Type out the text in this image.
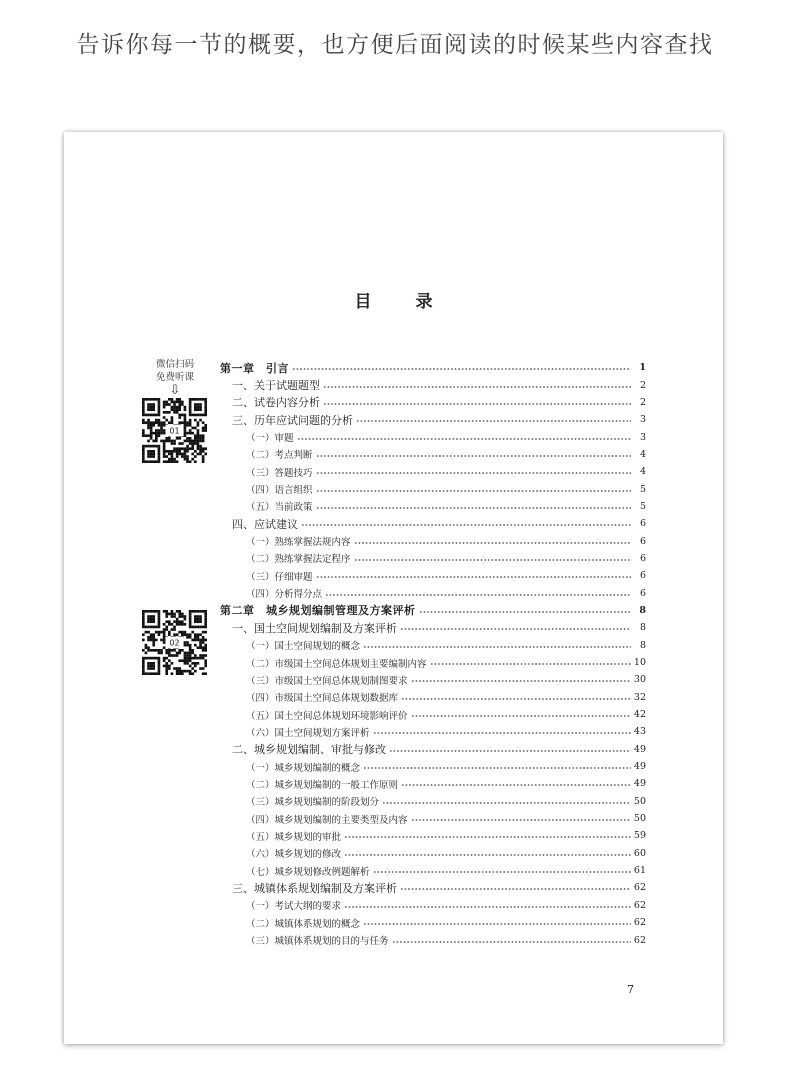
告诉你每一节的概要，也方便后面阅读的时候某些内容查找
目录
微信扫码
免费听课
⇩
01
02
第一章　引言	1
一、关于试题题型	2
二、试卷内容分析	2
三、历年应试问题的分析	3
（一）审题	3
（二）考点判断	4
（三）答题技巧	4
（四）语言组织	5
（五）当前政策	5
四、应试建议	6
（一）熟练掌握法规内容	6
（二）熟练掌握法定程序	6
（三）仔细审题	6
（四）分析得分点	6
第二章　城乡规划编制管理及方案评析	8
一、国土空间规划编制及方案评析	8
（一）国土空间规划的概念	8
（二）市级国土空间总体规划主要编制内容	10
（三）市级国土空间总体规划制图要求	30
（四）市级国土空间总体规划数据库	32
（五）国土空间总体规划环境影响评价	42
（六）国土空间规划方案评析	43
二、城乡规划编制、审批与修改	49
（一）城乡规划编制的概念	49
（二）城乡规划编制的一般工作原则	49
（三）城乡规划编制的阶段划分	50
（四）城乡规划编制的主要类型及内容	50
（五）城乡规划的审批	59
（六）城乡规划的修改	60
（七）城乡规划修改例题解析	61
三、城镇体系规划编制及方案评析	62
（一）考试大纲的要求	62
（二）城镇体系规划的概念	62
（三）城镇体系规划的目的与任务	62
7
